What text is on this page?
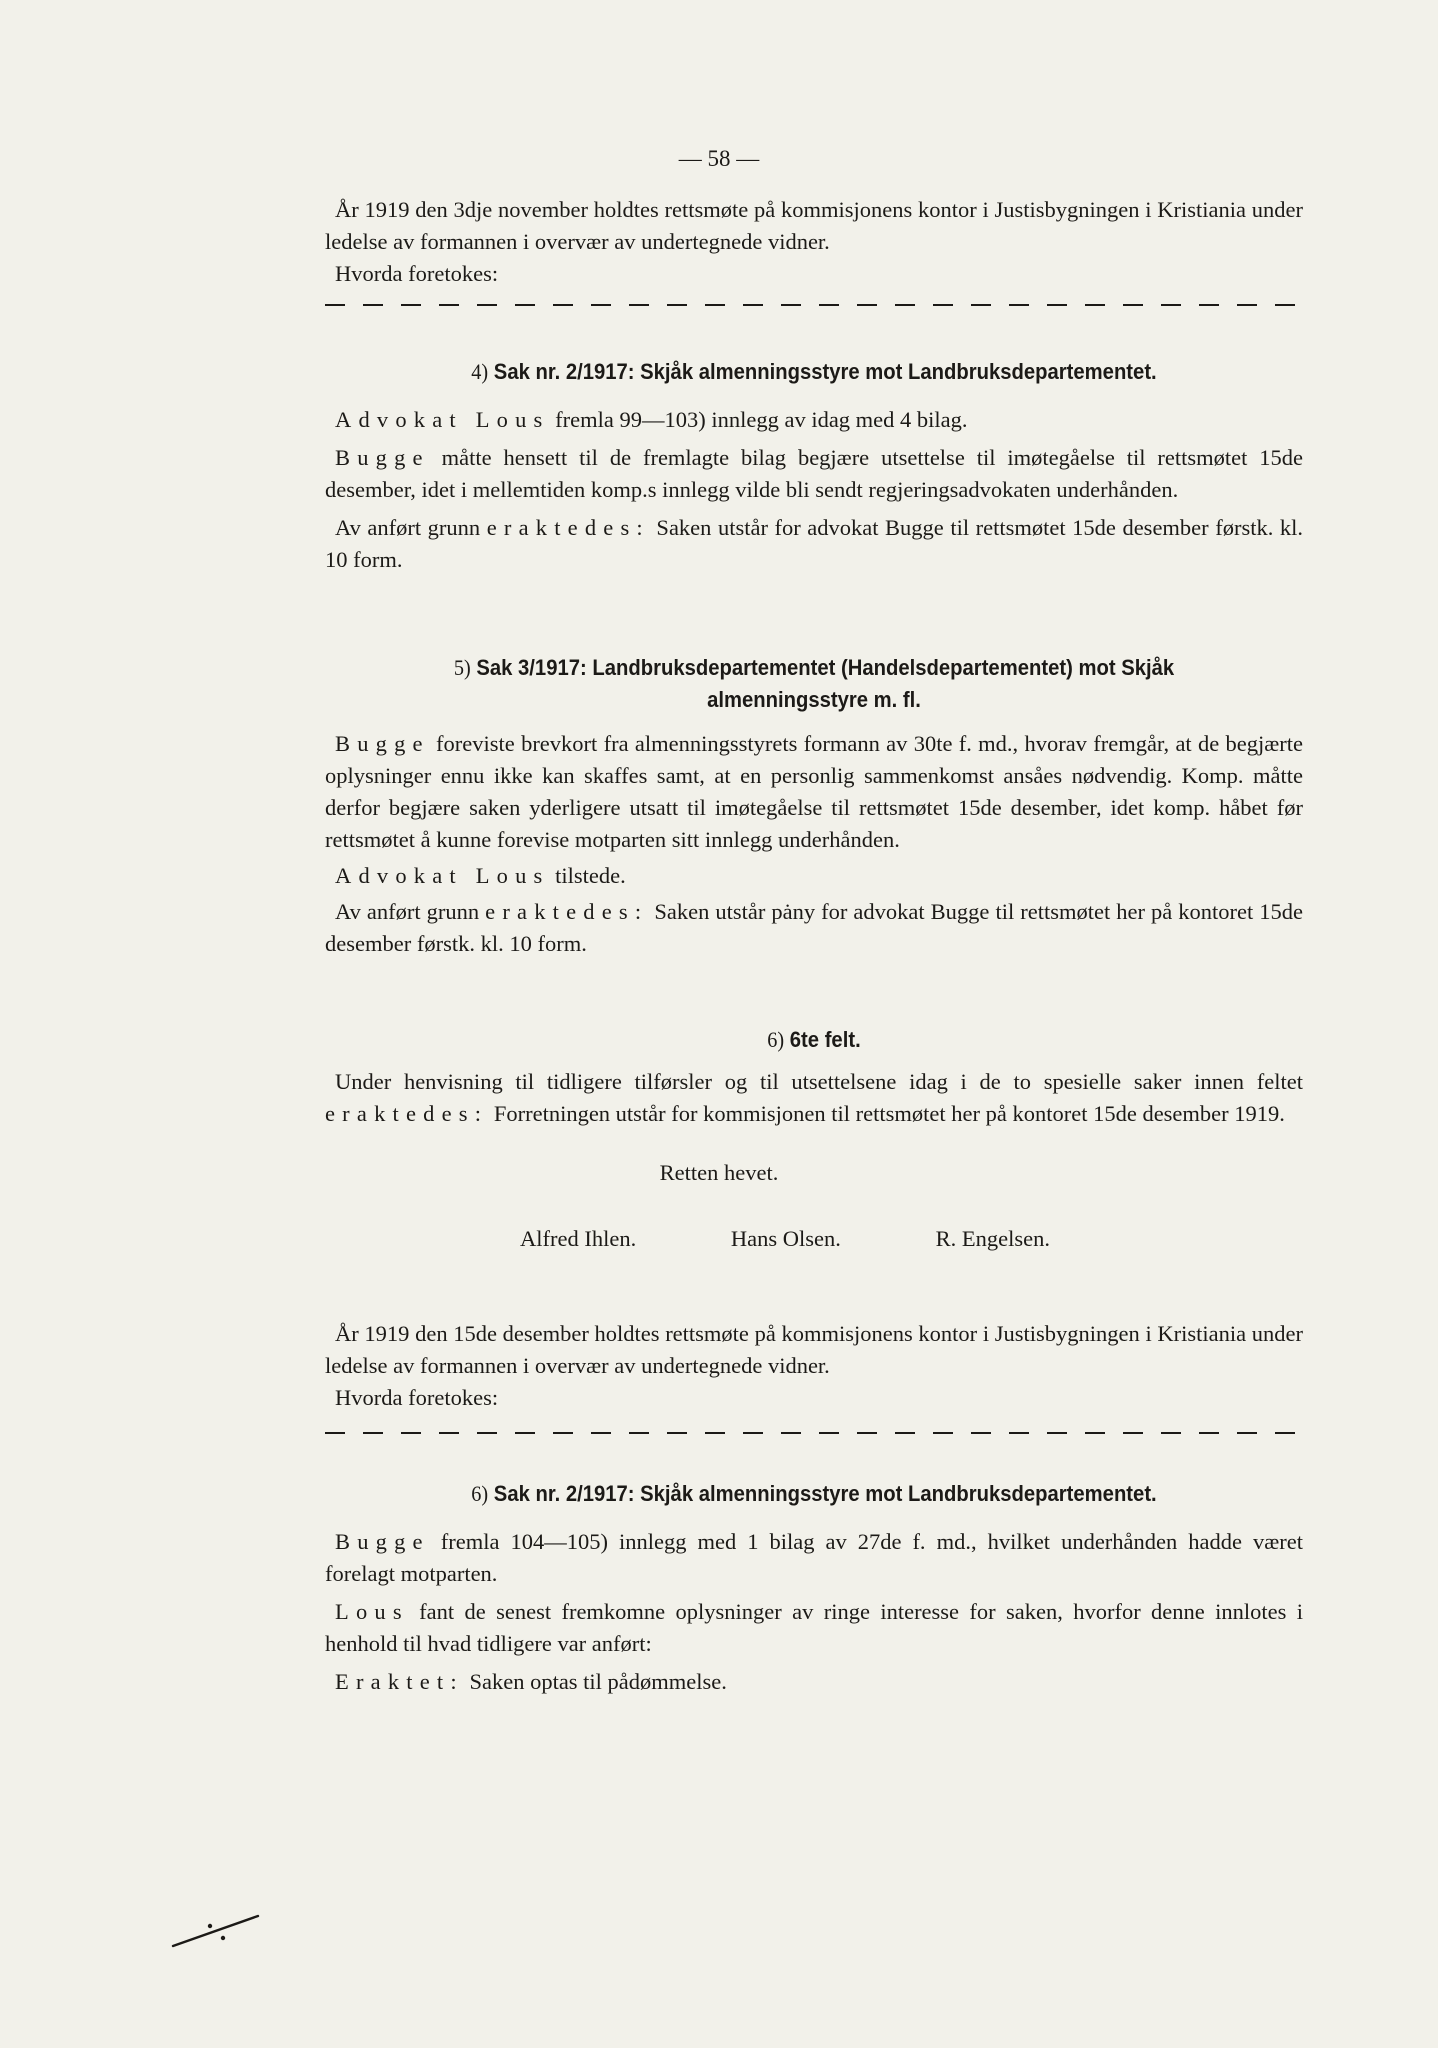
— 58 —

År 1919 den 3dje november holdtes rettsmøte på kommisjonens kontor i Justisbygningen i Kristiania under ledelse av formannen i overvær av undertegnede vidner.

Hvorda foretokes:

4) Sak nr. 2/1917: Skjåk almenningsstyre mot Landbruksdepartementet.

Advokat Lous fremla 99—103) innlegg av idag med 4 bilag.

Bugge måtte hensett til de fremlagte bilag begjære utsettelse til imøtegåelse til rettsmøtet 15de desember, idet i mellemtiden komp.s innlegg vilde bli sendt regjeringsadvokaten underhånden.

Av anført grunn eraktedes: Saken utstår for advokat Bugge til rettsmøtet 15de desember førstk. kl. 10 form.

5) Sak 3/1917: Landbruksdepartementet (Handelsdepartementet) mot Skjåk
almenningsstyre m. fl.

Bugge foreviste brevkort fra almenningsstyrets formann av 30te f. md., hvorav fremgår, at de begjærte oplysninger ennu ikke kan skaffes samt, at en personlig sammenkomst ansåes nødvendig. Komp. måtte derfor begjære saken yderligere utsatt til imøtegåelse til rettsmøtet 15de desember, idet komp. håbet før rettsmøtet å kunne forevise motparten sitt innlegg underhånden.

Advokat Lous tilstede.

Av anført grunn eraktedes: Saken utstår pȧny for advokat Bugge til rettsmøtet her på kontoret 15de desember førstk. kl. 10 form.

6) 6te felt.

Under henvisning til tidligere tilførsler og til utsettelsene idag i de to spesielle saker innen feltet eraktedes: Forretningen utstår for kommisjonen til rettsmøtet her på kontoret 15de desember 1919.

Retten hevet.
Alfred Ihlen.	Hans Olsen.	R. Engelsen.

År 1919 den 15de desember holdtes rettsmøte på kommisjonens kontor i Justisbygningen i Kristiania under ledelse av formannen i overvær av undertegnede vidner.

Hvorda foretokes:

6) Sak nr. 2/1917: Skjåk almenningsstyre mot Landbruksdepartementet.

Bugge fremla 104—105) innlegg med 1 bilag av 27de f. md., hvilket underhånden hadde været forelagt motparten.

Lous fant de senest fremkomne oplysninger av ringe interesse for saken, hvorfor denne innlotes i henhold til hvad tidligere var anført:

Eraktet: Saken optas til pådømmelse.
